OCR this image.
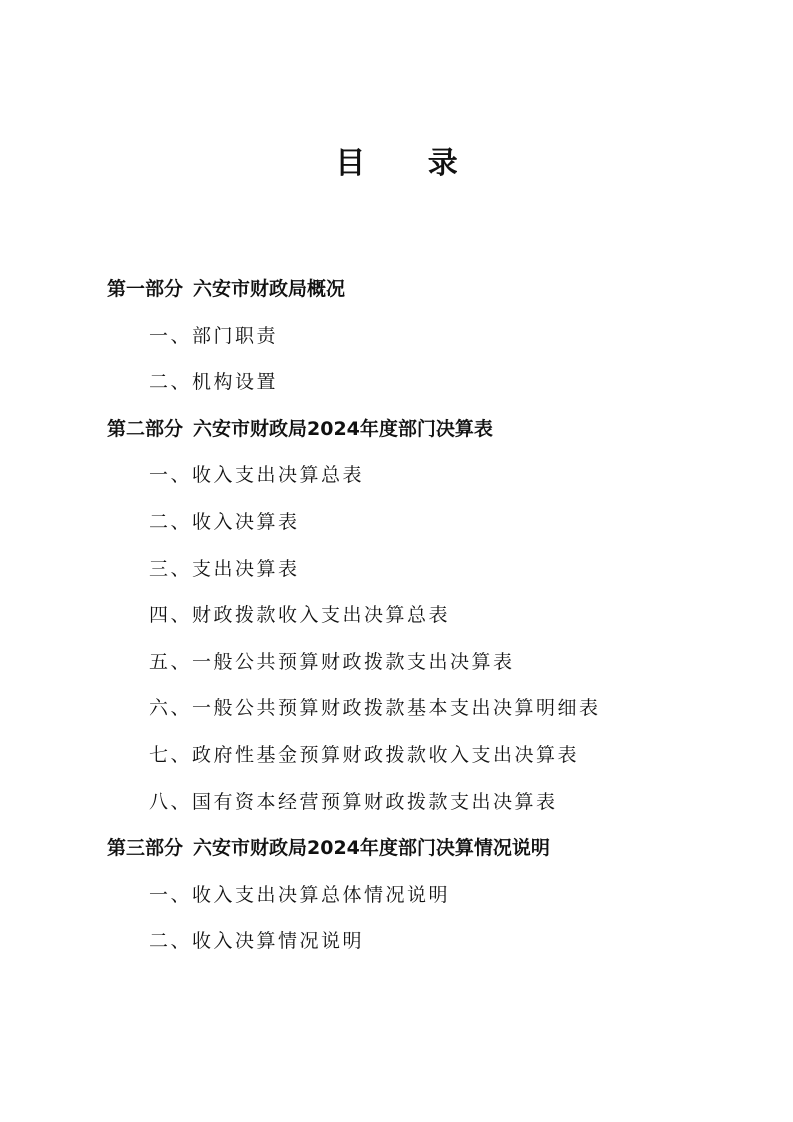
目 录
第一部分 六安市财政局概况
一、部门职责
二、机构设置
第二部分 六安市财政局2024年度部门决算表
一、收入支出决算总表
二、收入决算表
三、支出决算表
四、财政拨款收入支出决算总表
五、一般公共预算财政拨款支出决算表
六、一般公共预算财政拨款基本支出决算明细表
七、政府性基金预算财政拨款收入支出决算表
八、国有资本经营预算财政拨款支出决算表
第三部分 六安市财政局2024年度部门决算情况说明
一、收入支出决算总体情况说明
二、收入决算情况说明
